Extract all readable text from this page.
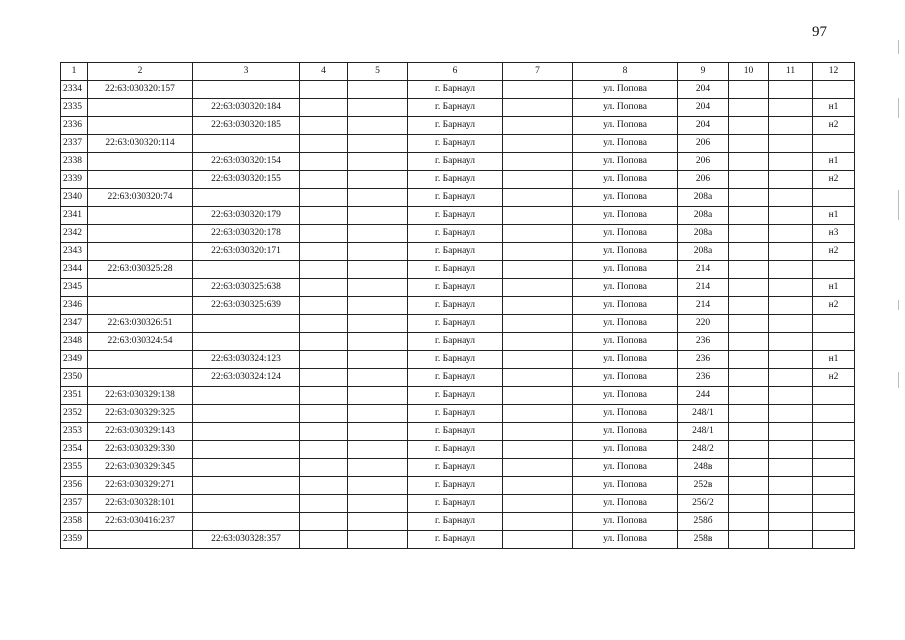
97
1	2	3	4	5	6	7	8	9	10	11	12
2334	22:63:030320:157				г. Барнаул		ул. Попова	204			
2335		22:63:030320:184			г. Барнаул		ул. Попова	204			н1
2336		22:63:030320:185			г. Барнаул		ул. Попова	204			н2
2337	22:63:030320:114				г. Барнаул		ул. Попова	206			
2338		22:63:030320:154			г. Барнаул		ул. Попова	206			н1
2339		22:63:030320:155			г. Барнаул		ул. Попова	206			н2
2340	22:63:030320:74				г. Барнаул		ул. Попова	208а			
2341		22:63:030320:179			г. Барнаул		ул. Попова	208а			н1
2342		22:63:030320:178			г. Барнаул		ул. Попова	208а			н3
2343		22:63:030320:171			г. Барнаул		ул. Попова	208а			н2
2344	22:63:030325:28				г. Барнаул		ул. Попова	214			
2345		22:63:030325:638			г. Барнаул		ул. Попова	214			н1
2346		22:63:030325:639			г. Барнаул		ул. Попова	214			н2
2347	22:63:030326:51				г. Барнаул		ул. Попова	220			
2348	22:63:030324:54				г. Барнаул		ул. Попова	236			
2349		22:63:030324:123			г. Барнаул		ул. Попова	236			н1
2350		22:63:030324:124			г. Барнаул		ул. Попова	236			н2
2351	22:63:030329:138				г. Барнаул		ул. Попова	244			
2352	22:63:030329:325				г. Барнаул		ул. Попова	248/1			
2353	22:63:030329:143				г. Барнаул		ул. Попова	248/1			
2354	22:63:030329:330				г. Барнаул		ул. Попова	248/2			
2355	22:63:030329:345				г. Барнаул		ул. Попова	248в			
2356	22:63:030329:271				г. Барнаул		ул. Попова	252в			
2357	22:63:030328:101				г. Барнаул		ул. Попова	256/2			
2358	22:63:030416:237				г. Барнаул		ул. Попова	258б			
2359		22:63:030328:357			г. Барнаул		ул. Попова	258в			
